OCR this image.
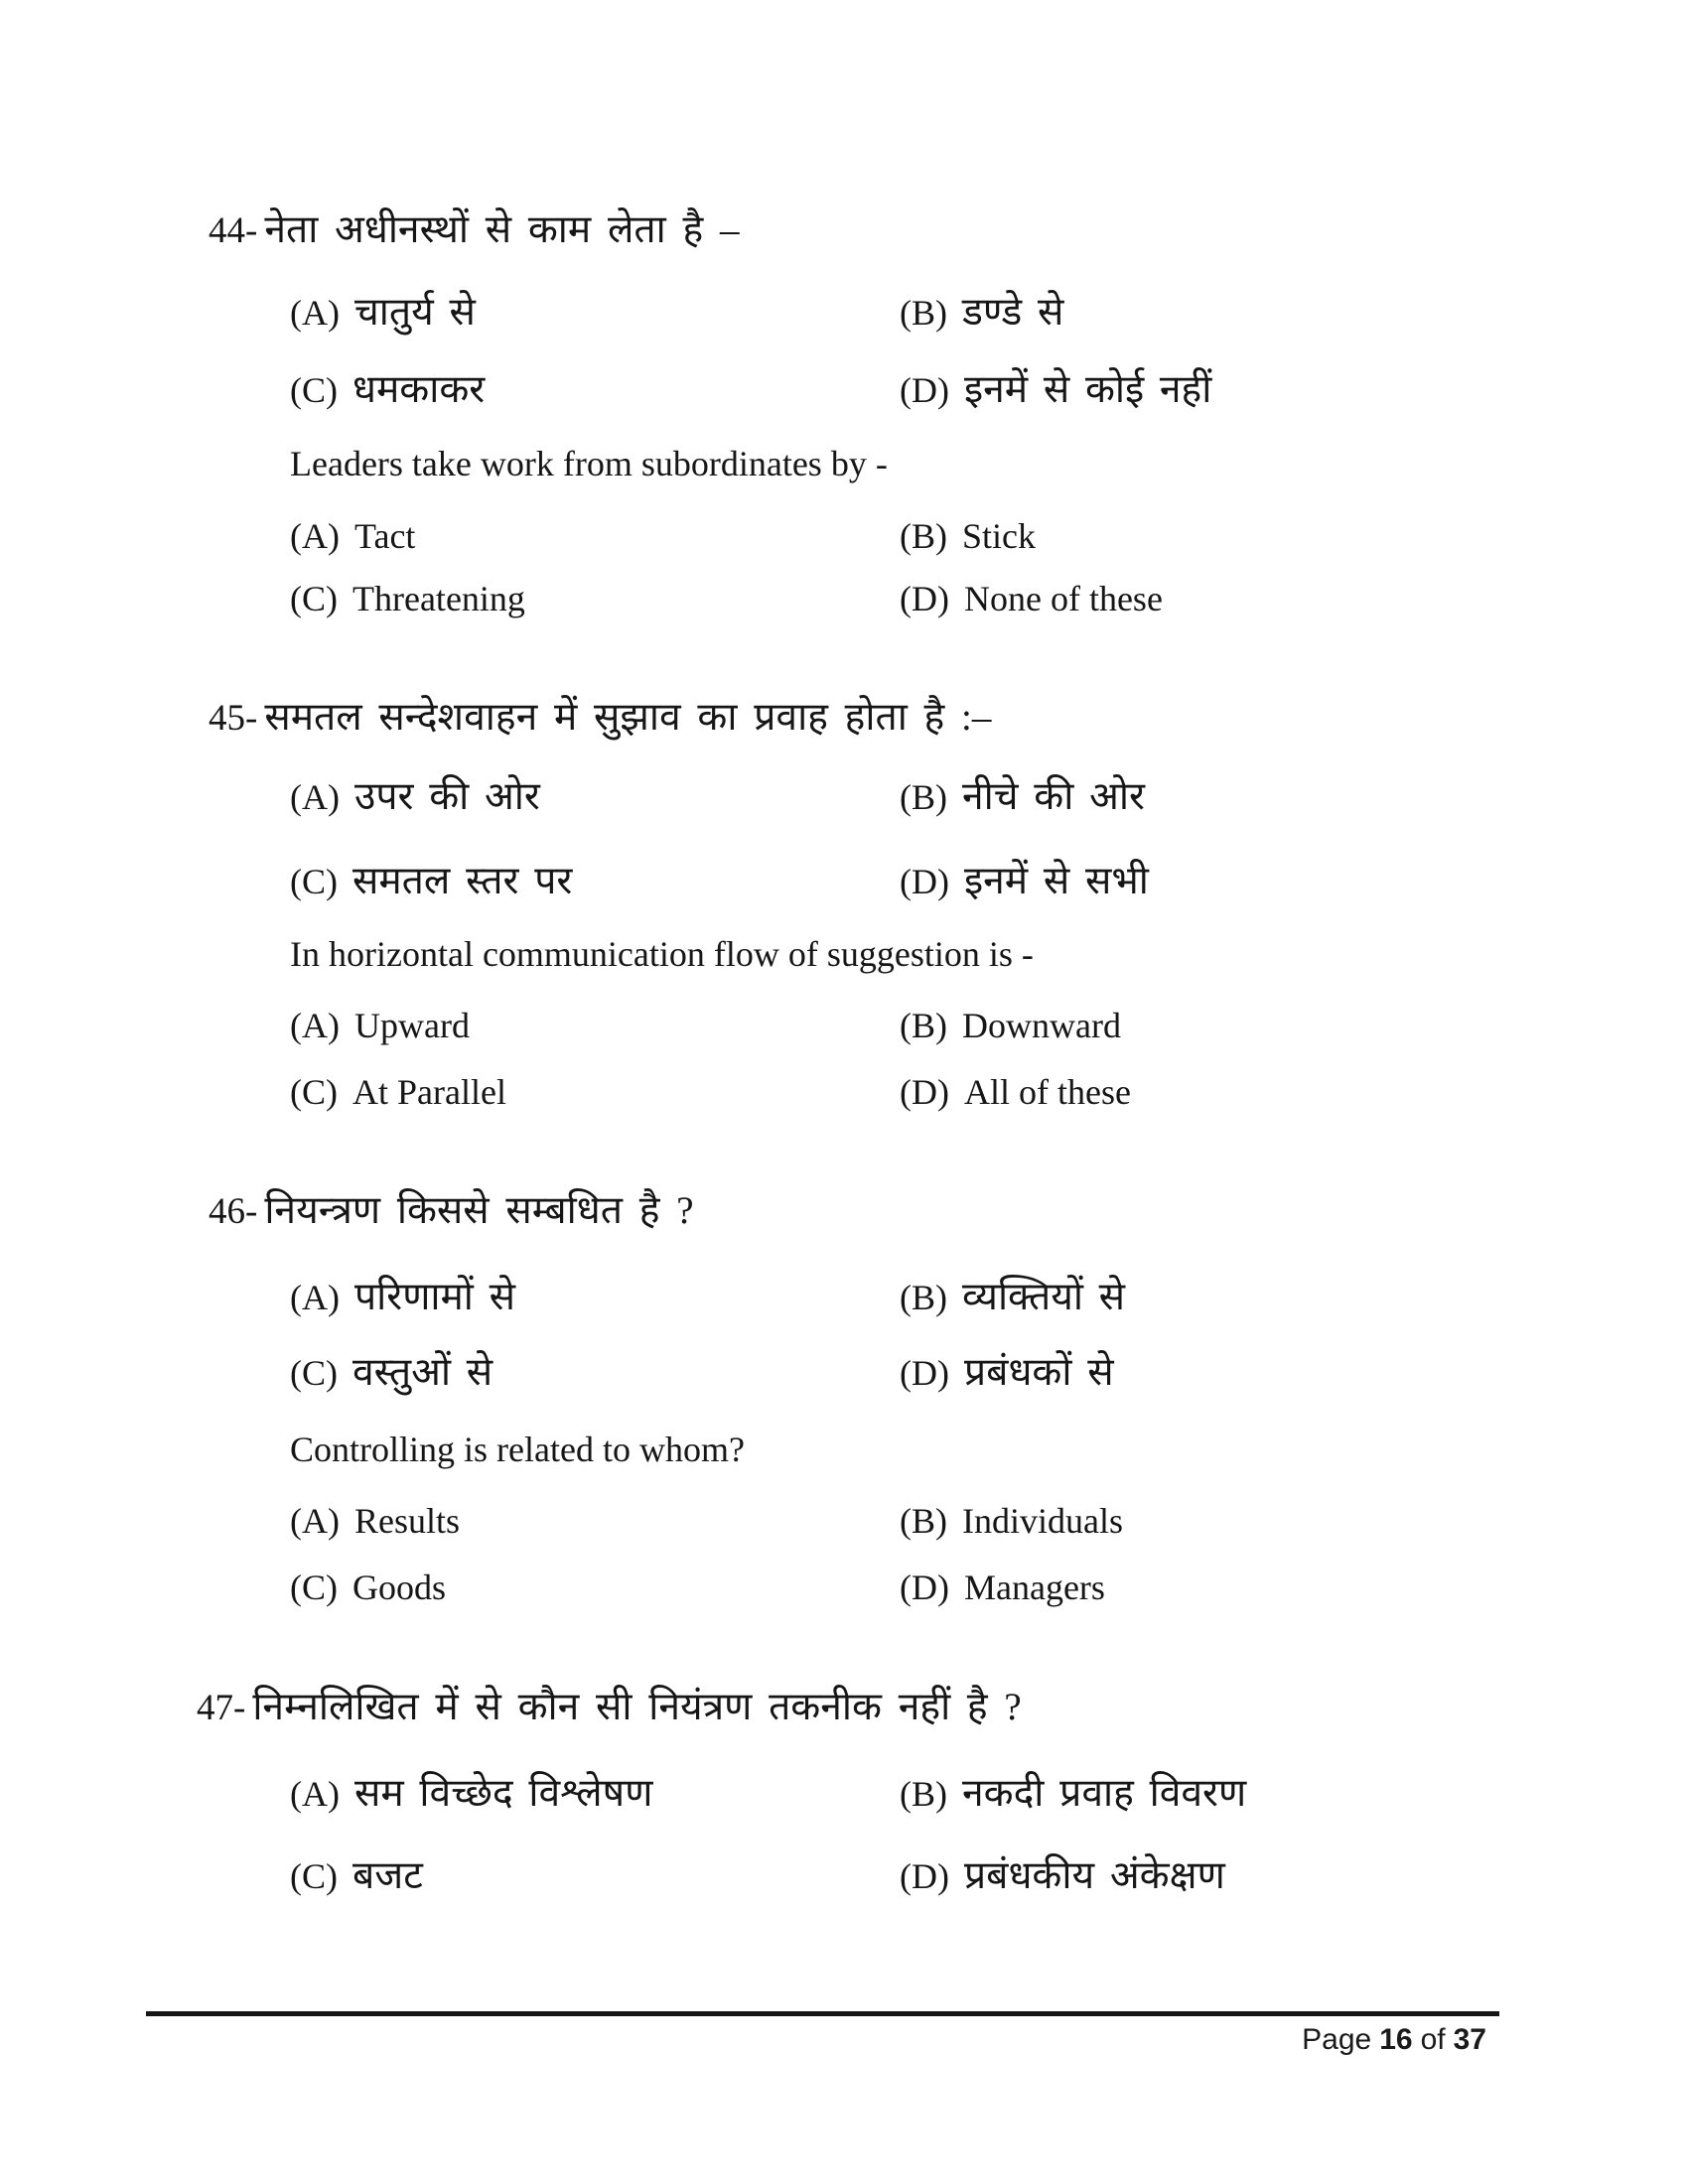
44- नेता अधीनस्थों से काम लेता है –
(A) चातुर्य से	(B) डण्डे से
(C) धमकाकर	(D) इनमें से कोई नहीं
Leaders take work from subordinates by -
(A) Tact	(B) Stick
(C) Threatening	(D) None of these
45- समतल सन्देशवाहन में सुझाव का प्रवाह होता है :–
(A) उपर की ओर	(B) नीचे की ओर
(C) समतल स्तर पर	(D) इनमें से सभी
In horizontal communication flow of suggestion is -
(A) Upward	(B) Downward
(C) At Parallel	(D) All of these
46- नियन्त्रण किससे सम्बधित है ?
(A) परिणामों से	(B) व्यक्तियों से
(C) वस्तुओं से	(D) प्रबंधकों से
Controlling is related to whom?
(A) Results	(B) Individuals
(C) Goods	(D) Managers
47- निम्नलिखित में से कौन सी नियंत्रण तकनीक नहीं है ?
(A) सम विच्छेद विश्लेषण	(B) नकदी प्रवाह विवरण
(C) बजट	(D) प्रबंधकीय अंकेक्षण
Page 16 of 37
